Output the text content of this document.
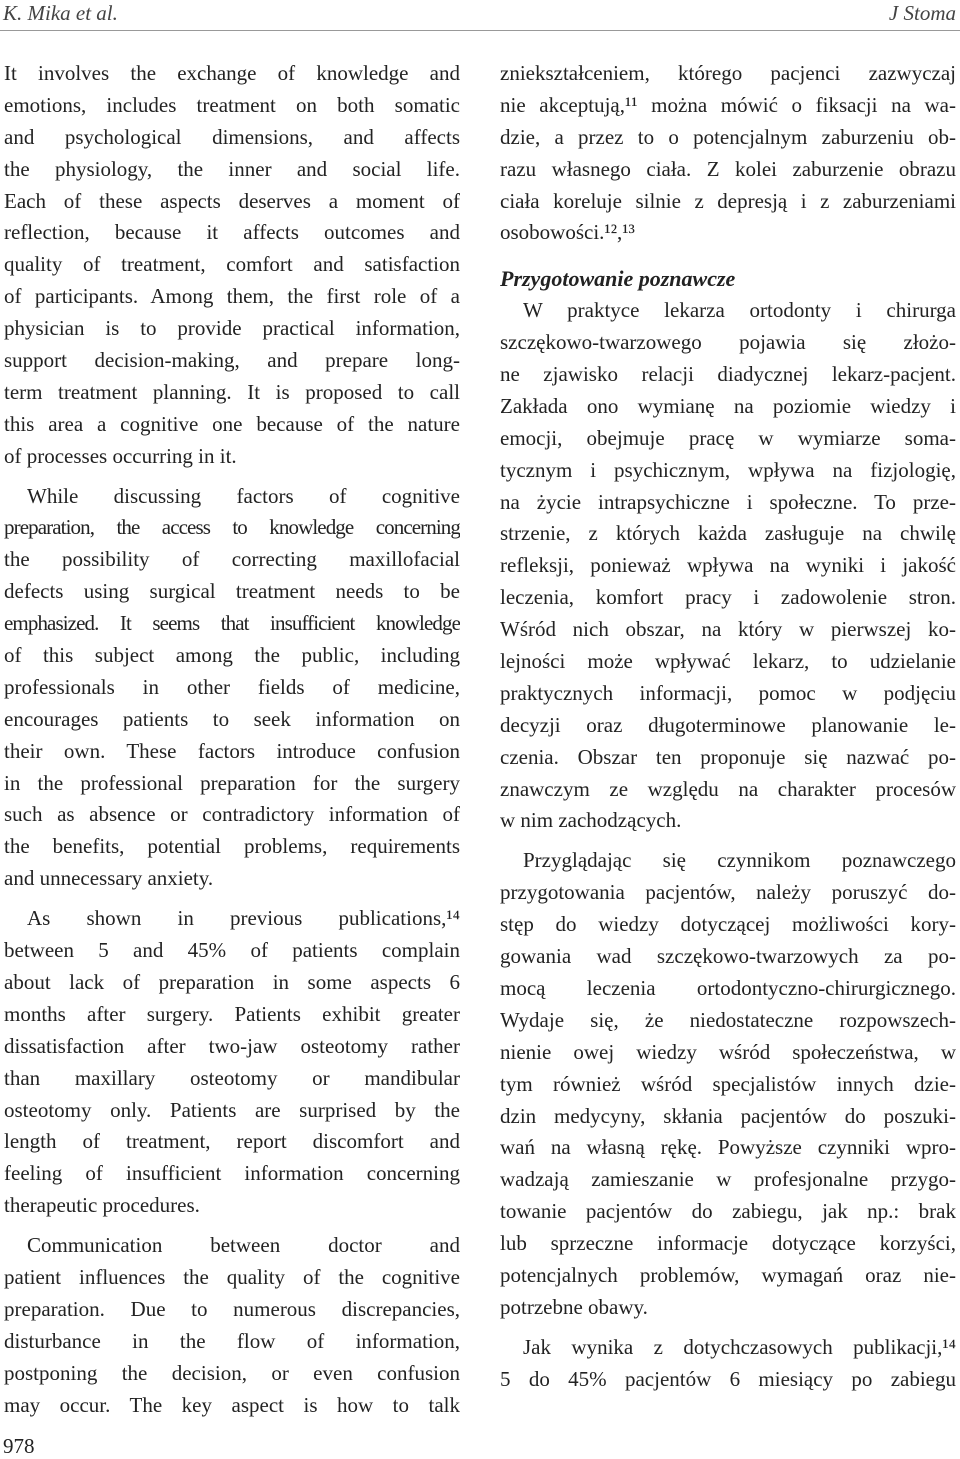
K. Mika et al.	J Stoma
It involves the exchange of knowledge and
emotions, includes treatment on both somatic
and psychological dimensions, and affects
the physiology, the inner and social life.
Each of these aspects deserves a moment of
reflection, because it affects outcomes and
quality of treatment, comfort and satisfaction
of participants. Among them, the first role of a
physician is to provide practical information,
support decision-making, and prepare long-
term treatment planning. It is proposed to call
this area a cognitive one because of the nature
of processes occurring in it.
While discussing factors of cognitive
preparation, the access to knowledge concerning
the possibility of correcting maxillofacial
defects using surgical treatment needs to be
emphasized. It seems that insufficient knowledge
of this subject among the public, including
professionals in other fields of medicine,
encourages patients to seek information on
their own. These factors introduce confusion
in the professional preparation for the surgery
such as absence or contradictory information of
the benefits, potential problems, requirements
and unnecessary anxiety.
As shown in previous publications,¹⁴
between 5 and 45% of patients complain
about lack of preparation in some aspects 6
months after surgery. Patients exhibit greater
dissatisfaction after two-jaw osteotomy rather
than maxillary osteotomy or mandibular
osteotomy only. Patients are surprised by the
length of treatment, report discomfort and
feeling of insufficient information concerning
therapeutic procedures.
Communication between doctor and
patient influences the quality of the cognitive
preparation. Due to numerous discrepancies,
disturbance in the flow of information,
postponing the decision, or even confusion
may occur. The key aspect is how to talk
zniekształceniem, którego pacjenci zazwyczaj
nie akceptują,¹¹ można mówić o fiksacji na wa-
dzie, a przez to o potencjalnym zaburzeniu ob-
razu własnego ciała. Z kolei zaburzenie obrazu
ciała koreluje silnie z depresją i z zaburzeniami
osobowości.¹²,¹³
Przygotowanie poznawcze
W praktyce lekarza ortodonty i chirurga
szczękowo-twarzowego pojawia się złożo-
ne zjawisko relacji diadycznej lekarz-pacjent.
Zakłada ono wymianę na poziomie wiedzy i
emocji, obejmuje pracę w wymiarze soma-
tycznym i psychicznym, wpływa na fizjologię,
na życie intrapsychiczne i społeczne. To prze-
strzenie, z których każda zasługuje na chwilę
refleksji, ponieważ wpływa na wyniki i jakość
leczenia, komfort pracy i zadowolenie stron.
Wśród nich obszar, na który w pierwszej ko-
lejności może wpływać lekarz, to udzielanie
praktycznych informacji, pomoc w podjęciu
decyzji oraz długoterminowe planowanie le-
czenia. Obszar ten proponuje się nazwać po-
znawczym ze względu na charakter procesów
w nim zachodzących.
Przyglądając się czynnikom poznawczego
przygotowania pacjentów, należy poruszyć do-
stęp do wiedzy dotyczącej możliwości kory-
gowania wad szczękowo-twarzowych za po-
mocą leczenia ortodontyczno-chirurgicznego.
Wydaje się, że niedostateczne rozpowszech-
nienie owej wiedzy wśród społeczeństwa, w
tym również wśród specjalistów innych dzie-
dzin medycyny, skłania pacjentów do poszuki-
wań na własną rękę. Powyższe czynniki wpro-
wadzają zamieszanie w profesjonalne przygo-
towanie pacjentów do zabiegu, jak np.: brak
lub sprzeczne informacje dotyczące korzyści,
potencjalnych problemów, wymagań oraz nie-
potrzebne obawy.
Jak wynika z dotychczasowych publikacji,¹⁴
5 do 45% pacjentów 6 miesiący po zabiegu
978
